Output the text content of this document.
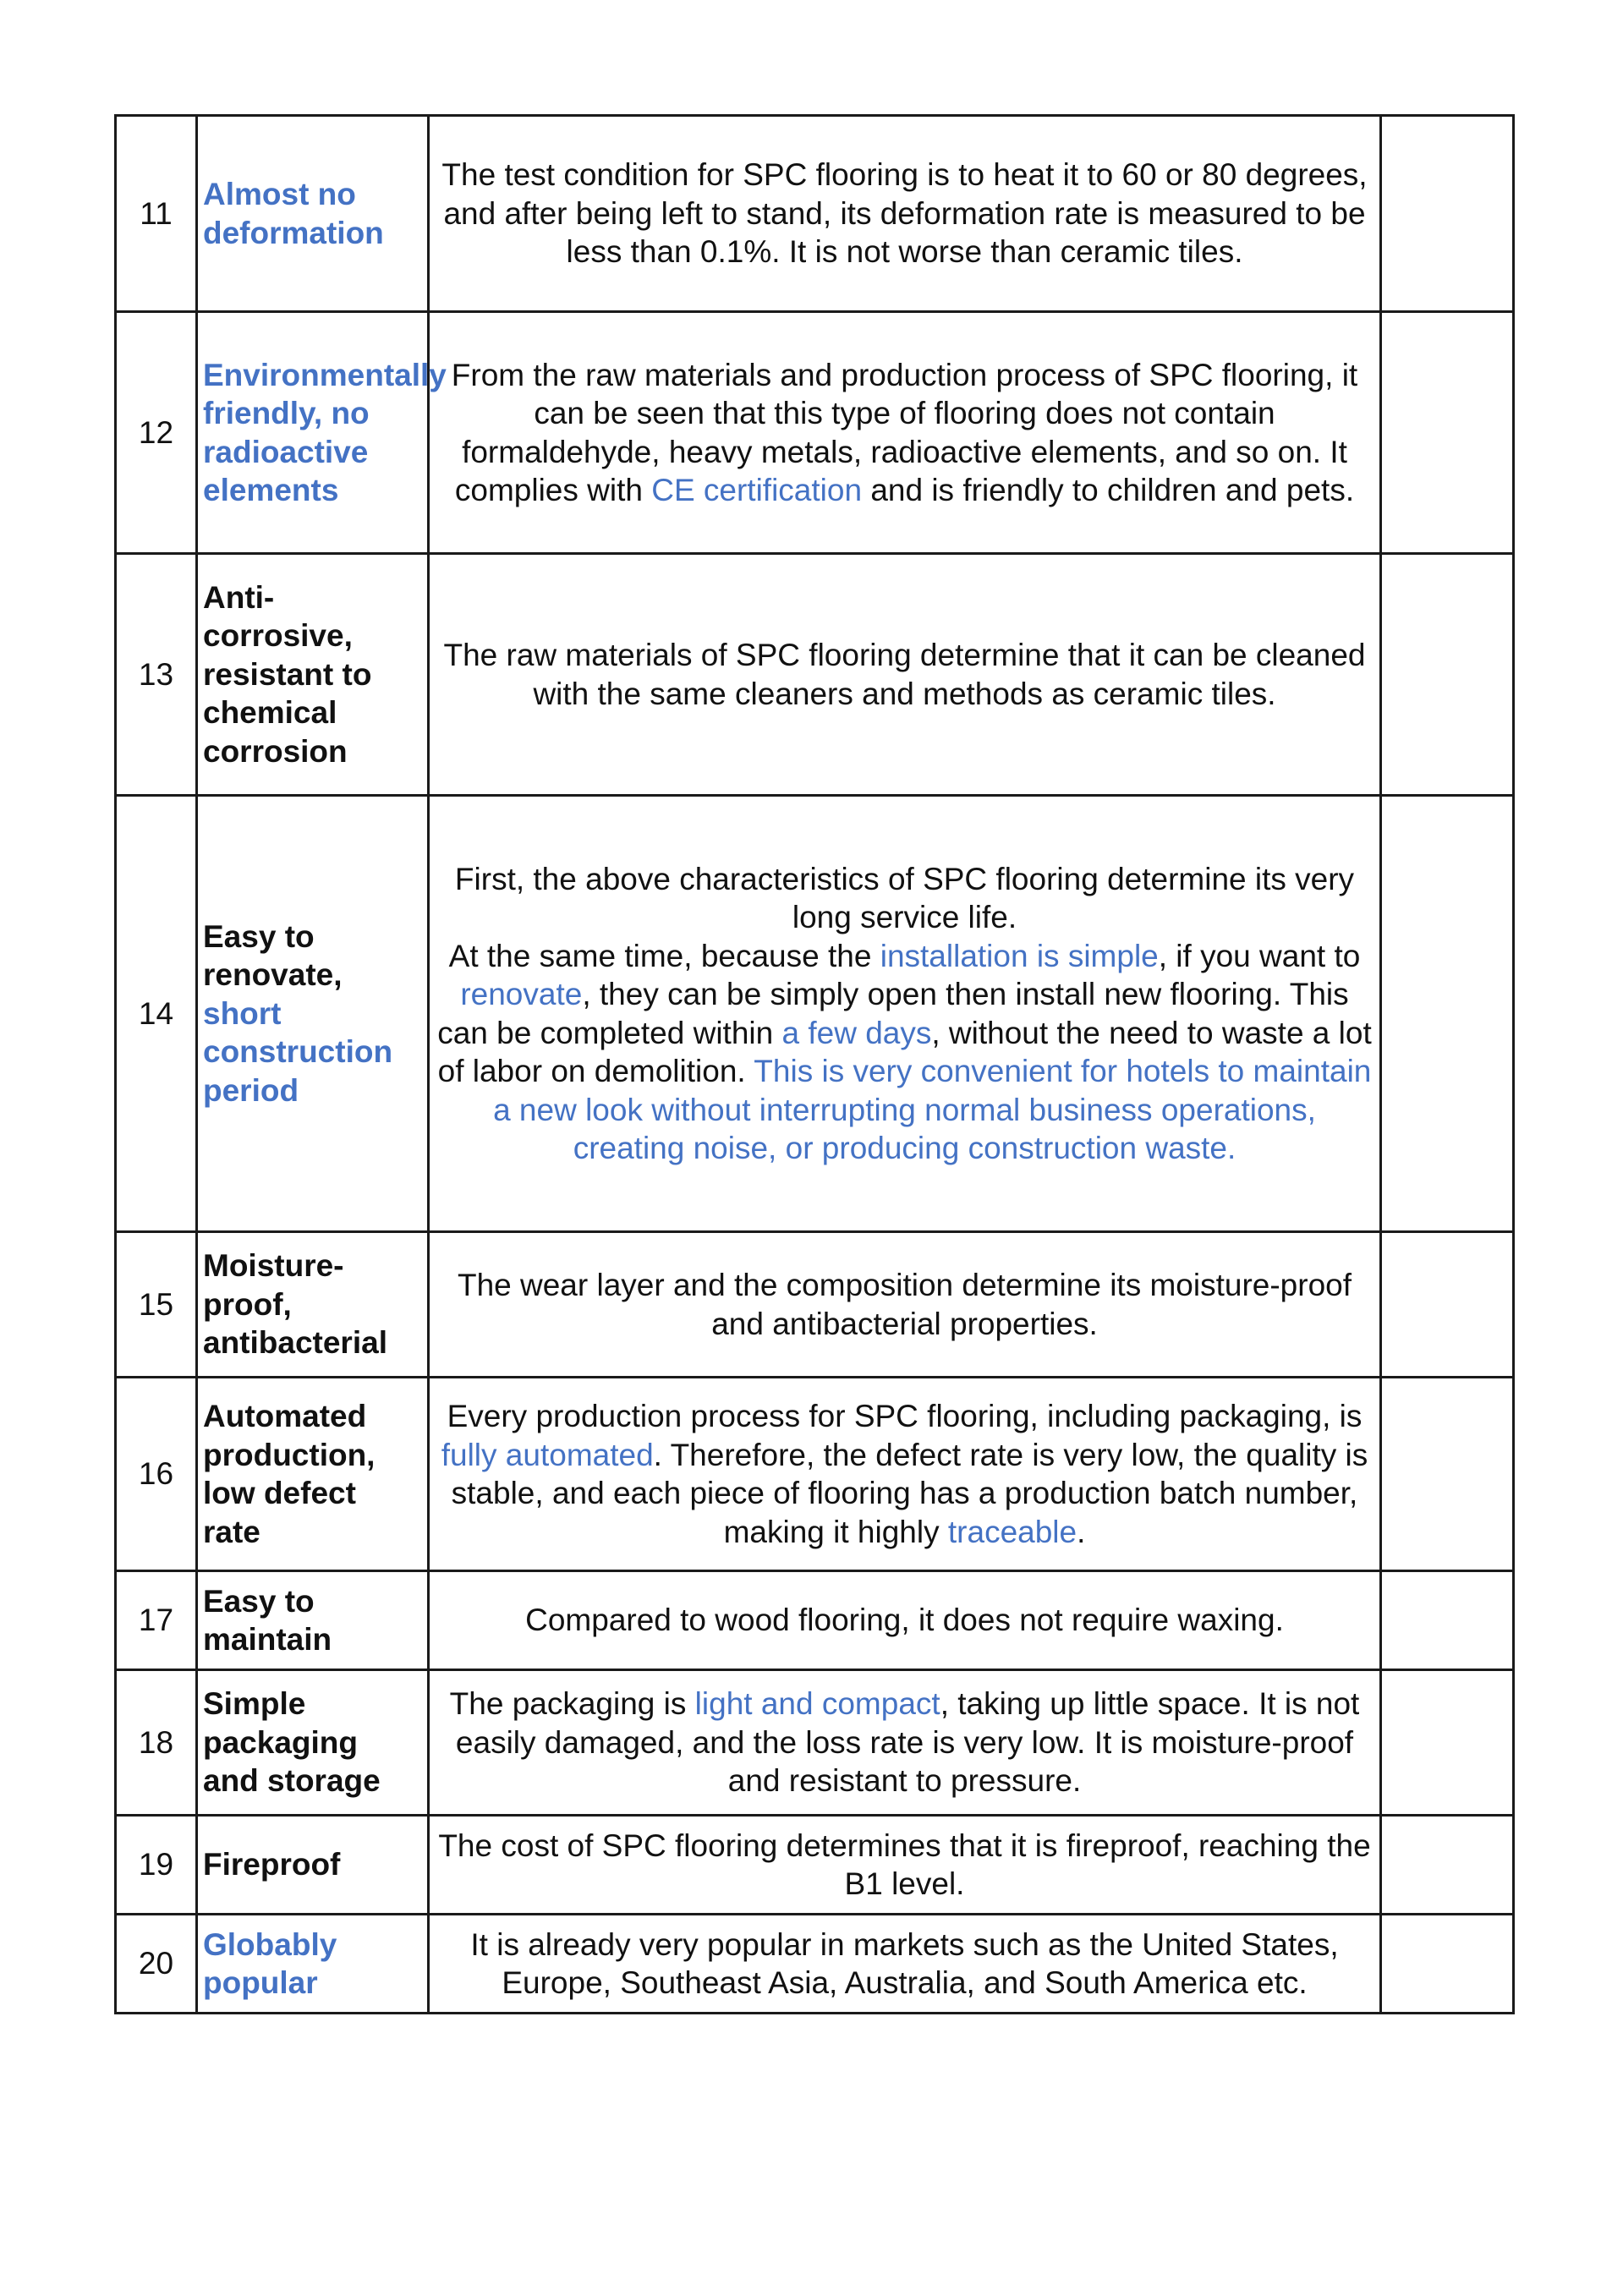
11	Almost no deformation	The test condition for SPC flooring is to heat it to 60 or 80 degrees, and after being left to stand, its deformation rate is measured to be less than 0.1%. It is not worse than ceramic tiles.	
12	Environmentally friendly, no radioactive elements	From the raw materials and production process of SPC flooring, it can be seen that this type of flooring does not contain formaldehyde, heavy metals, radioactive elements, and so on. It complies with CE certification and is friendly to children and pets.	
13	Anti-corrosive, resistant to chemical corrosion	The raw materials of SPC flooring determine that it can be cleaned with the same cleaners and methods as ceramic tiles.	
14	Easy to renovate, short construction period	First, the above characteristics of SPC flooring determine its very long service life.
At the same time, because the installation is simple, if you want to renovate, they can be simply open then install new flooring. This can be completed within a few days, without the need to waste a lot of labor on demolition. This is very convenient for hotels to maintain a new look without interrupting normal business operations, creating noise, or producing construction waste.	

15	Moisture-proof, antibacterial	The wear layer and the composition determine its moisture-proof and antibacterial properties.	
16	Automated production, low defect rate	Every production process for SPC flooring, including packaging, is fully automated. Therefore, the defect rate is very low, the quality is stable, and each piece of flooring has a production batch number, making it highly traceable.	
17	Easy to maintain	Compared to wood flooring, it does not require waxing.	
18	Simple packaging and storage	The packaging is light and compact, taking up little space. It is not easily damaged, and the loss rate is very low. It is moisture-proof and resistant to pressure.	
19	Fireproof	The cost of SPC flooring determines that it is fireproof, reaching the B1 level.	
20	Globably popular	It is already very popular in markets such as the United States, Europe, Southeast Asia, Australia, and South America etc.	
